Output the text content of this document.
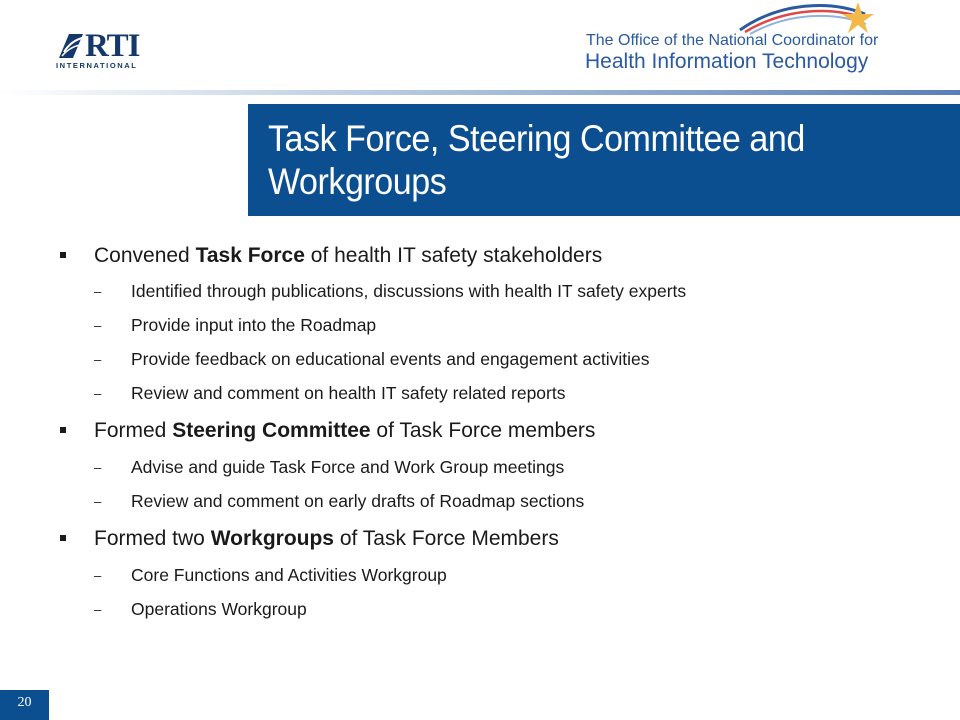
RTI
INTERNATIONAL
The Office of the National Coordinator for
Health Information Technology
Task Force, Steering Committee and Workgroups
Convened Task Force of health IT safety stakeholders
– Identified through publications, discussions with health IT safety experts
– Provide input into the Roadmap
– Provide feedback on educational events and engagement activities
– Review and comment on health IT safety related reports
Formed Steering Committee of Task Force members
– Advise and guide Task Force and Work Group meetings
– Review and comment on early drafts of Roadmap sections
Formed two Workgroups of Task Force Members
– Core Functions and Activities Workgroup
– Operations Workgroup
20
